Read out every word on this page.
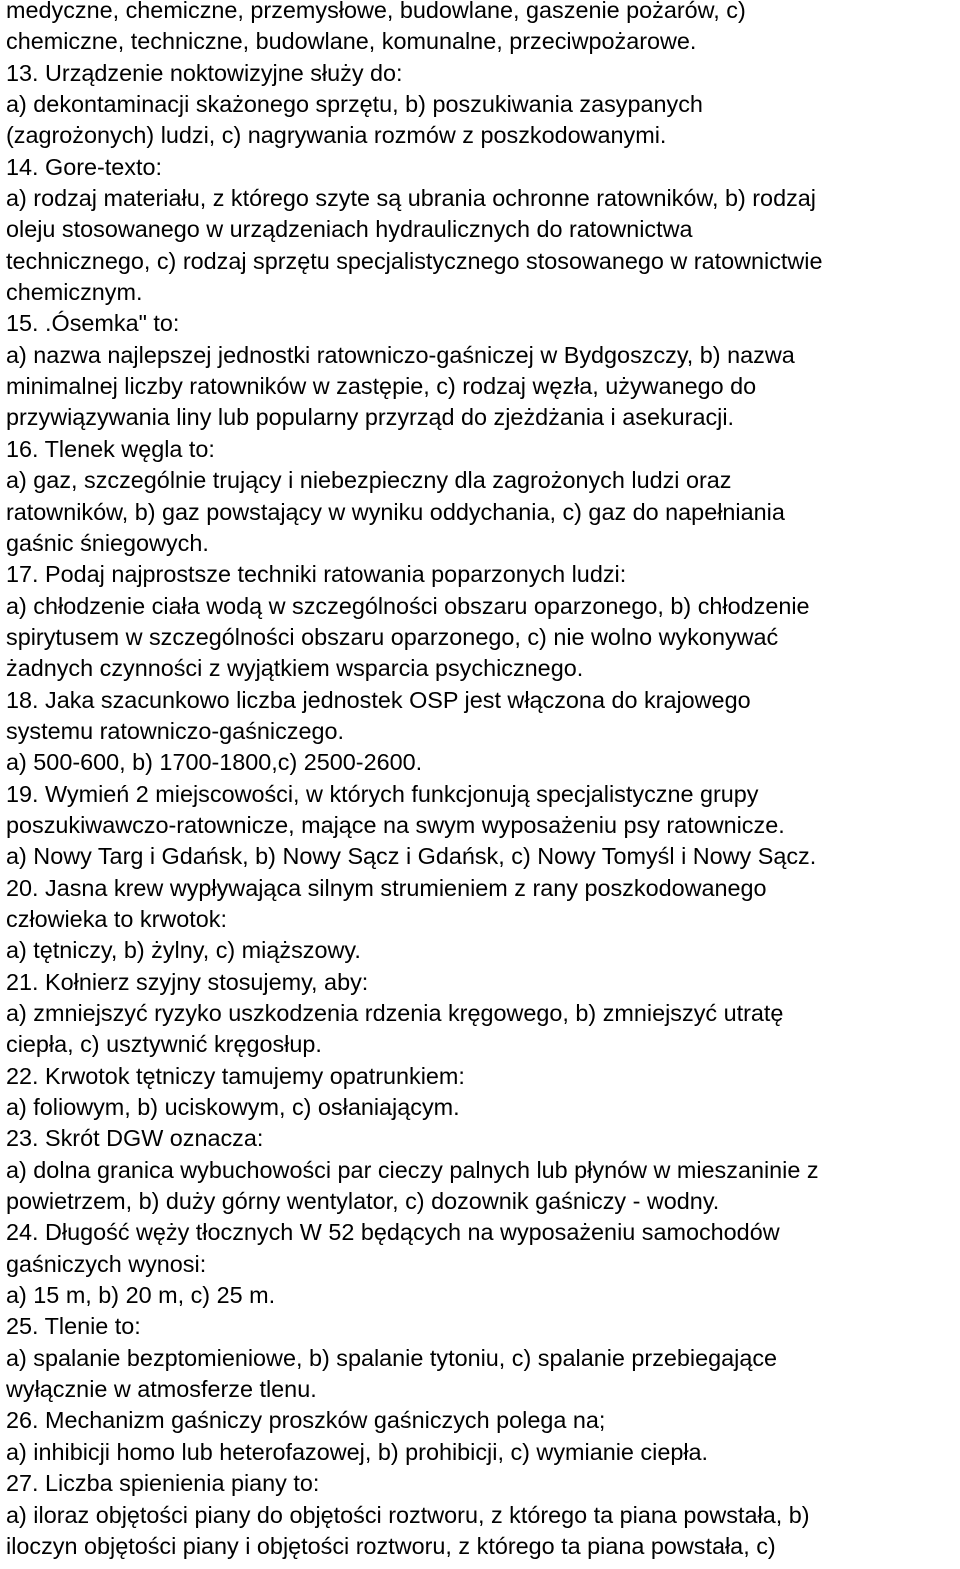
medyczne, chemiczne, przemysłowe, budowlane, gaszenie pożarów, c)
chemiczne, techniczne, budowlane, komunalne, przeciwpożarowe.
13. Urządzenie noktowizyjne służy do:
a) dekontaminacji skażonego sprzętu, b) poszukiwania zasypanych
(zagrożonych) ludzi, c) nagrywania rozmów z poszkodowanymi.
14. Gore-texto:
a) rodzaj materiału, z którego szyte są ubrania ochronne ratowników, b) rodzaj
oleju stosowanego w urządzeniach hydraulicznych do ratownictwa
technicznego, c) rodzaj sprzętu specjalistycznego stosowanego w ratownictwie
chemicznym.
15. .Ósemka" to:
a) nazwa najlepszej jednostki ratowniczo-gaśniczej w Bydgoszczy, b) nazwa
minimalnej liczby ratowników w zastępie, c) rodzaj węzła, używanego do
przywiązywania liny lub popularny przyrząd do zjeżdżania i asekuracji.
16. Tlenek węgla to:
a) gaz, szczególnie trujący i niebezpieczny dla zagrożonych ludzi oraz
ratowników, b) gaz powstający w wyniku oddychania, c) gaz do napełniania
gaśnic śniegowych.
17. Podaj najprostsze techniki ratowania poparzonych ludzi:
a) chłodzenie ciała wodą w szczególności obszaru oparzonego, b) chłodzenie
spirytusem w szczególności obszaru oparzonego, c) nie wolno wykonywać
żadnych czynności z wyjątkiem wsparcia psychicznego.
18. Jaka szacunkowo liczba jednostek OSP jest włączona do krajowego
systemu ratowniczo-gaśniczego.
a) 500-600, b) 1700-1800,c) 2500-2600.
19. Wymień 2 miejscowości, w których funkcjonują specjalistyczne grupy
poszukiwawczo-ratownicze, mające na swym wyposażeniu psy ratownicze.
a) Nowy Targ i Gdańsk, b) Nowy Sącz i Gdańsk, c) Nowy Tomyśl i Nowy Sącz.
20. Jasna krew wypływająca silnym strumieniem z rany poszkodowanego
człowieka to krwotok:
a) tętniczy, b) żylny, c) miąższowy.
21. Kołnierz szyjny stosujemy, aby:
a) zmniejszyć ryzyko uszkodzenia rdzenia kręgowego, b) zmniejszyć utratę
ciepła, c) usztywnić kręgosłup.
22. Krwotok tętniczy tamujemy opatrunkiem:
a) foliowym, b) uciskowym, c) osłaniającym.
23. Skrót DGW oznacza:
a) dolna granica wybuchowości par cieczy palnych lub płynów w mieszaninie z
powietrzem, b) duży górny wentylator, c) dozownik gaśniczy - wodny.
24. Długość węży tłocznych W 52 będących na wyposażeniu samochodów
gaśniczych wynosi:
a) 15 m, b) 20 m, c) 25 m.
25. Tlenie to:
a) spalanie bezptomieniowe, b) spalanie tytoniu, c) spalanie przebiegające
wyłącznie w atmosferze tlenu.
26. Mechanizm gaśniczy proszków gaśniczych polega na;
a) inhibicji homo lub heterofazowej, b) prohibicji, c) wymianie ciepła.
27. Liczba spienienia piany to:
a) iloraz objętości piany do objętości roztworu, z którego ta piana powstała, b)
iloczyn objętości piany i objętości roztworu, z którego ta piana powstała, c)
